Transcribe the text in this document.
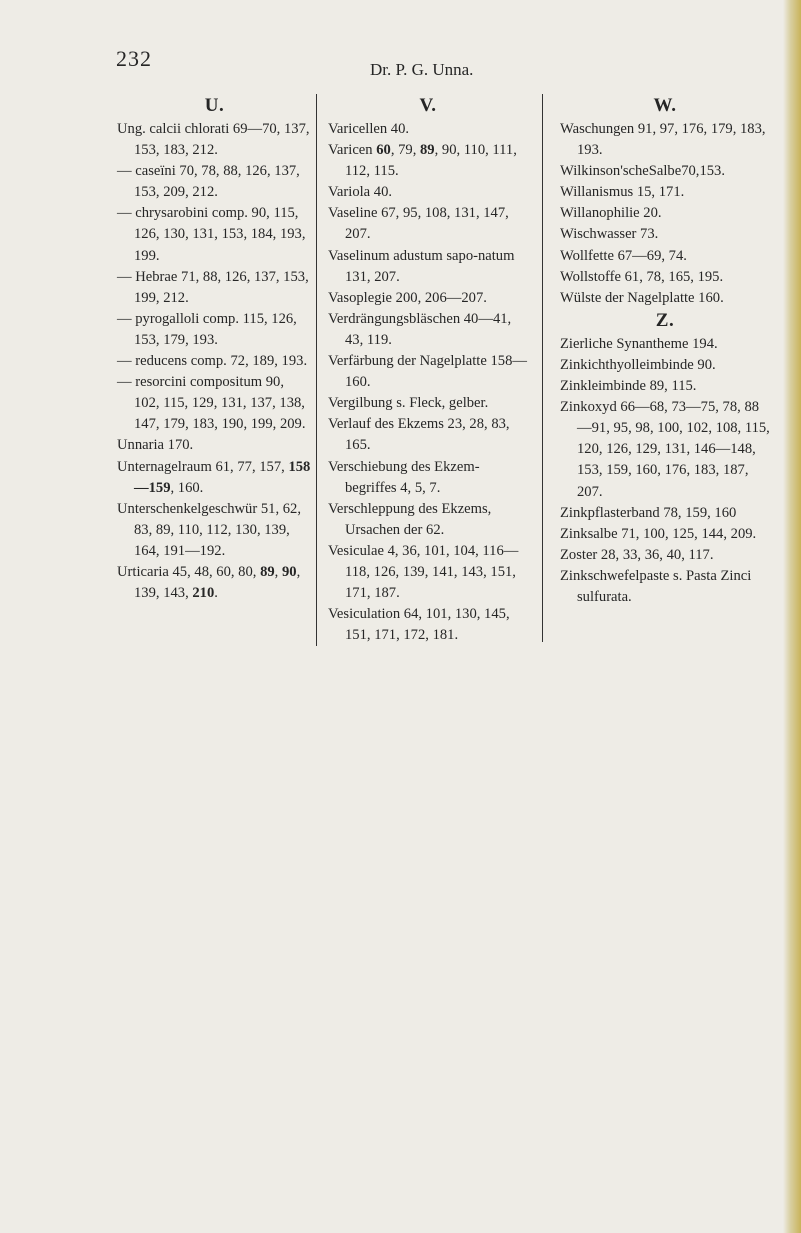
232	Dr. P. G. Unna.
U.
Ung. calcii chlorati 69—70, 137, 153, 183, 212.
— caseïni 70, 78, 88, 126, 137, 153, 209, 212.
— chrysarobini comp. 90, 115, 126, 130, 131, 153, 184, 193, 199.
— Hebrae 71, 88, 126, 137, 153, 199, 212.
— pyrogalloli comp. 115, 126, 153, 179, 193.
— reducens comp. 72, 189, 193.
— resorcini compositum 90, 102, 115, 129, 131, 137, 138, 147, 179, 183, 190, 199, 209.
Unnaria 170.
Unternagelraum 61, 77, 157, 158—159, 160.
Unterschenkelgeschwür 51, 62, 83, 89, 110, 112, 130, 139, 164, 191—192.
Urticaria 45, 48, 60, 80, 89, 90, 139, 143, 210.
V.
Varicellen 40.
Varicen 60, 79, 89, 90, 110, 111, 112, 115.
Variola 40.
Vaseline 67, 95, 108, 131, 147, 207.
Vaselinum adustum sapo-natum 131, 207.
Vasoplegie 200, 206—207.
Verdrängungsbläschen 40—41, 43, 119.
Verfärbung der Nagelplatte 158—160.
Vergilbung s. Fleck, gelber.
Verlauf des Ekzems 23, 28, 83, 165.
Verschiebung des Ekzem-begriffes 4, 5, 7.
Verschleppung des Ekzems, Ursachen der 62.
Vesiculae 4, 36, 101, 104, 116—118, 126, 139, 141, 143, 151, 171, 187.
Vesiculation 64, 101, 130, 145, 151, 171, 172, 181.
W.
Waschungen 91, 97, 176, 179, 183, 193.
Wilkinson'scheSalbe70,153.
Willanismus 15, 171.
Willanophilie 20.
Wischwasser 73.
Wollfette 67—69, 74.
Wollstoffe 61, 78, 165, 195.
Wülste der Nagelplatte 160.
Z.
Zierliche Synantheme 194.
Zinkichthyolleimbinde 90.
Zinkleimbinde 89, 115.
Zinkoxyd 66—68, 73—75, 78, 88—91, 95, 98, 100, 102, 108, 115, 120, 126, 129, 131, 146—148, 153, 159, 160, 176, 183, 187, 207.
Zinkpflasterband 78, 159, 160
Zinksalbe 71, 100, 125, 144, 209.
Zoster 28, 33, 36, 40, 117.
Zinkschwefelpaste s. Pasta Zinci sulfurata.
